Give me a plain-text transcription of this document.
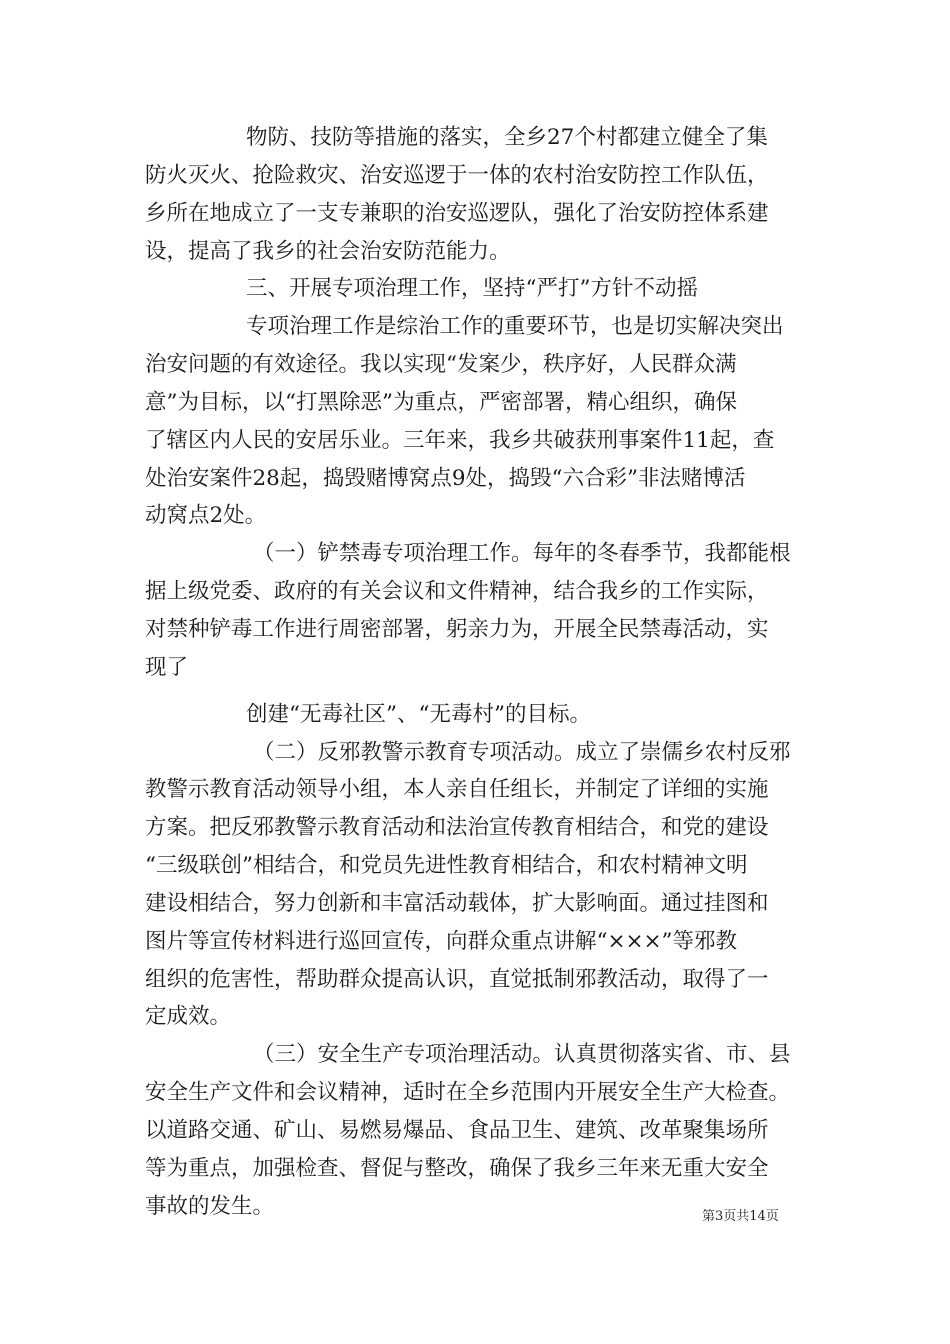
物防、技防等措施的落实，全乡27个村都建立健全了集
防火灭火、抢险救灾、治安巡逻于一体的农村治安防控工作队伍，
乡所在地成立了一支专兼职的治安巡逻队，强化了治安防控体系建
设，提高了我乡的社会治安防范能力。
三、开展专项治理工作，坚持“严打”方针不动摇
专项治理工作是综治工作的重要环节，也是切实解决突出
治安问题的有效途径。我以实现“发案少，秩序好，人民群众满
意”为目标，以“打黑除恶”为重点，严密部署，精心组织，确保
了辖区内人民的安居乐业。三年来，我乡共破获刑事案件11起，查
处治安案件28起，捣毁赌博窝点9处，捣毁“六合彩”非法赌博活
动窝点2处。
（一）铲禁毒专项治理工作。每年的冬春季节，我都能根
据上级党委、政府的有关会议和文件精神，结合我乡的工作实际，
对禁种铲毒工作进行周密部署，躬亲力为，开展全民禁毒活动，实
现了
创建“无毒社区”、“无毒村”的目标。
（二）反邪教警示教育专项活动。成立了崇儒乡农村反邪
教警示教育活动领导小组，本人亲自任组长，并制定了详细的实施
方案。把反邪教警示教育活动和法治宣传教育相结合，和党的建设
“三级联创”相结合，和党员先进性教育相结合，和农村精神文明
建设相结合，努力创新和丰富活动载体，扩大影响面。通过挂图和
图片等宣传材料进行巡回宣传，向群众重点讲解“×××”等邪教
组织的危害性，帮助群众提高认识，直觉抵制邪教活动，取得了一
定成效。
（三）安全生产专项治理活动。认真贯彻落实省、市、县
安全生产文件和会议精神，适时在全乡范围内开展安全生产大检查。
以道路交通、矿山、易燃易爆品、食品卫生、建筑、改革聚集场所
等为重点，加强检查、督促与整改，确保了我乡三年来无重大安全
事故的发生。	第3页共14页
